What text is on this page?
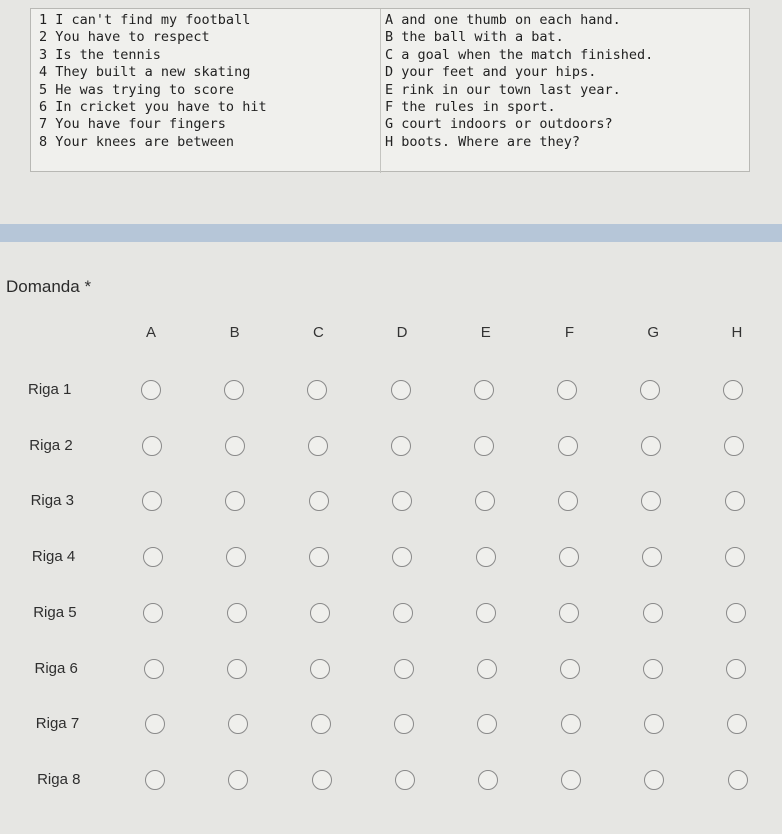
1 I can't find my football
2 You have to respect
3 Is the tennis
4 They built a new skating
5 He was trying to score
6 In cricket you have to hit
7 You have four fingers
8 Your knees are between
A and one thumb on each hand.
B the ball with a bat.
C a goal when the match finished.
D your feet and your hips.
E rink in our town last year.
F the rules in sport.
G court indoors or outdoors?
H boots. Where are they?
Domanda *
A	B	C	D	E	F	G	H
Riga 1
Riga 2
Riga 3
Riga 4
Riga 5
Riga 6
Riga 7
Riga 8
